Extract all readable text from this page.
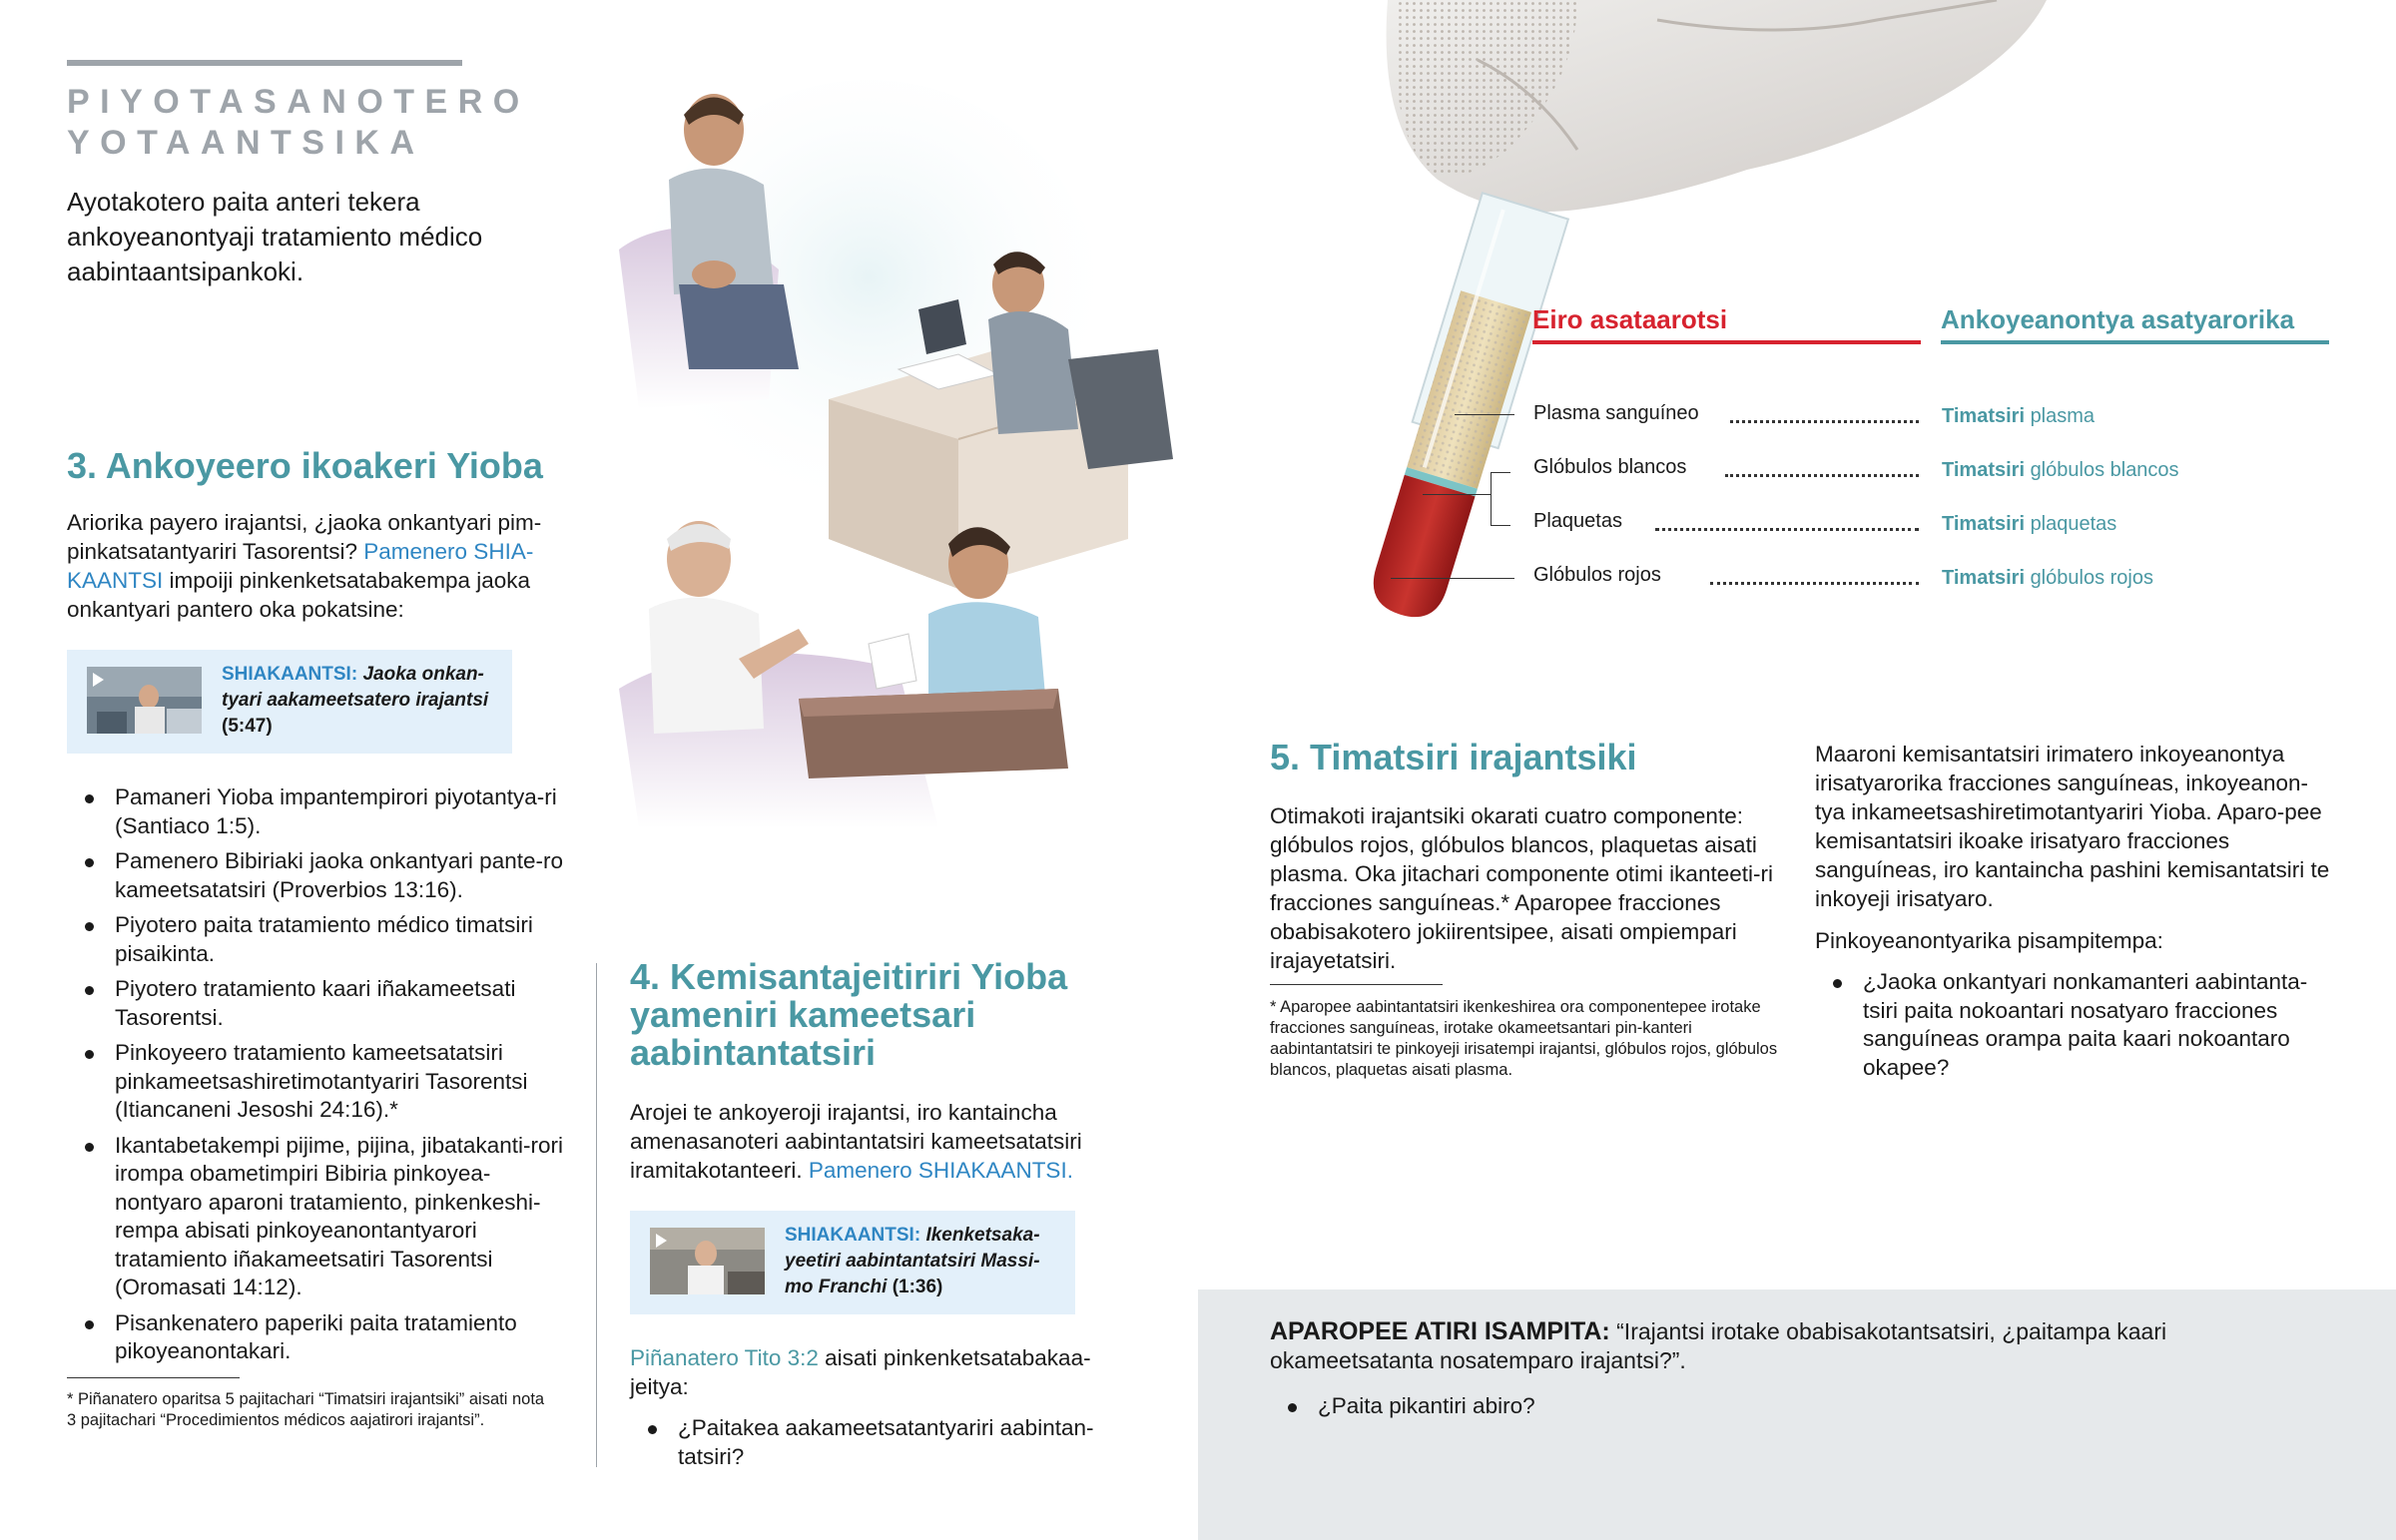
PIYOTASANOTERO
YOTAANTSIKA
Ayotakotero paita anteri tekera ankoyeanontyaji tratamiento médico aabintaantsipankoki.
3. Ankoyeero ikoakeri Yioba
Ariorika payero irajantsi, ¿jaoka onkantyari pim-pinkatsatantyariri Tasorentsi? Pamenero SHIA-KAANTSI impoiji pinkenketsatabakempa jaoka onkantyari pantero oka pokatsine:
SHIAKAANTSI: Jaoka onkan-tyari aakameetsatero irajantsi
(5:47)
Pamaneri Yioba impantempirori piyotantya-ri (Santiaco 1:5).
Pamenero Bibiriaki jaoka onkantyari pante-ro kameetsatatsiri (Proverbios 13:16).
Piyotero paita tratamiento médico timatsiri pisaikinta.
Piyotero tratamiento kaari iñakameetsati Tasorentsi.
Pinkoyeero tratamiento kameetsatatsiri pinkameetsashiretimotantyariri Tasorentsi (Itiancaneni Jesoshi 24:16).*
Ikantabetakempi pijime, pijina, jibatakanti-rori irompa obametimpiri Bibiria pinkoyea-nontyaro aparoni tratamiento, pinkenkeshi-rempa abisati pinkoyeanontantyarori tratamiento iñakameetsatiri Tasorentsi (Oromasati 14:12).
Pisankenatero paperiki paita tratamiento pikoyeanontakari.
* Piñanatero oparitsa 5 pajitachari “Timatsiri irajantsiki” aisati nota 3 pajitachari “Procedimientos médicos aajatirori irajantsi”.
4. Kemisantajeitiriri Yioba yameniri kameetsari aabintantatsiri
Arojei te ankoyeroji irajantsi, iro kantaincha amenasanoteri aabintantatsiri kameetsatatsiri iramitakotanteeri. Pamenero SHIAKAANTSI.
SHIAKAANTSI: Ikenketsaka-yeetiri aabintantatsiri Massi-mo Franchi (1:36)
Piñanatero Tito 3:2 aisati pinkenketsatabakaa-jeitya:
¿Paitakea aakameetsatantyariri aabintan-tatsiri?
Eiro asataarotsi	Ankoyeanontya asatyarorika
Plasma sanguíneo	Timatsiri plasma
Glóbulos blancos	Timatsiri glóbulos blancos
Plaquetas	Timatsiri plaquetas
Glóbulos rojos	Timatsiri glóbulos rojos
5. Timatsiri irajantsiki
Otimakoti irajantsiki okarati cuatro componente: glóbulos rojos, glóbulos blancos, plaquetas aisati plasma. Oka jitachari componente otimi ikanteeti-ri fracciones sanguíneas.* Aparopee fracciones obabisakotero jokiirentsipee, aisati ompiempari irajayetatsiri.
* Aparopee aabintantatsiri ikenkeshirea ora componentepee irotake fracciones sanguíneas, irotake okameetsantari pin-kanteri aabintantatsiri te pinkoyeji irisatempi irajantsi, glóbulos rojos, glóbulos blancos, plaquetas aisati plasma.
Maaroni kemisantatsiri irimatero inkoyeanontya irisatyarorika fracciones sanguíneas, inkoyeanon-tya inkameetsashiretimotantyariri Yioba. Aparo-pee kemisantatsiri ikoake irisatyaro fracciones sanguíneas, iro kantaincha pashini kemisantatsiri te inkoyeji irisatyaro.
Pinkoyeanontyarika pisampitempa:
¿Jaoka onkantyari nonkamanteri aabintanta-tsiri paita nokoantari nosatyaro fracciones sanguíneas orampa paita kaari nokoantaro okapee?
APAROPEE ATIRI ISAMPITA: “Irajantsi irotake obabisakotantsatsiri, ¿paitampa kaari okameetsatanta nosatemparo irajantsi?”.
¿Paita pikantiri abiro?
